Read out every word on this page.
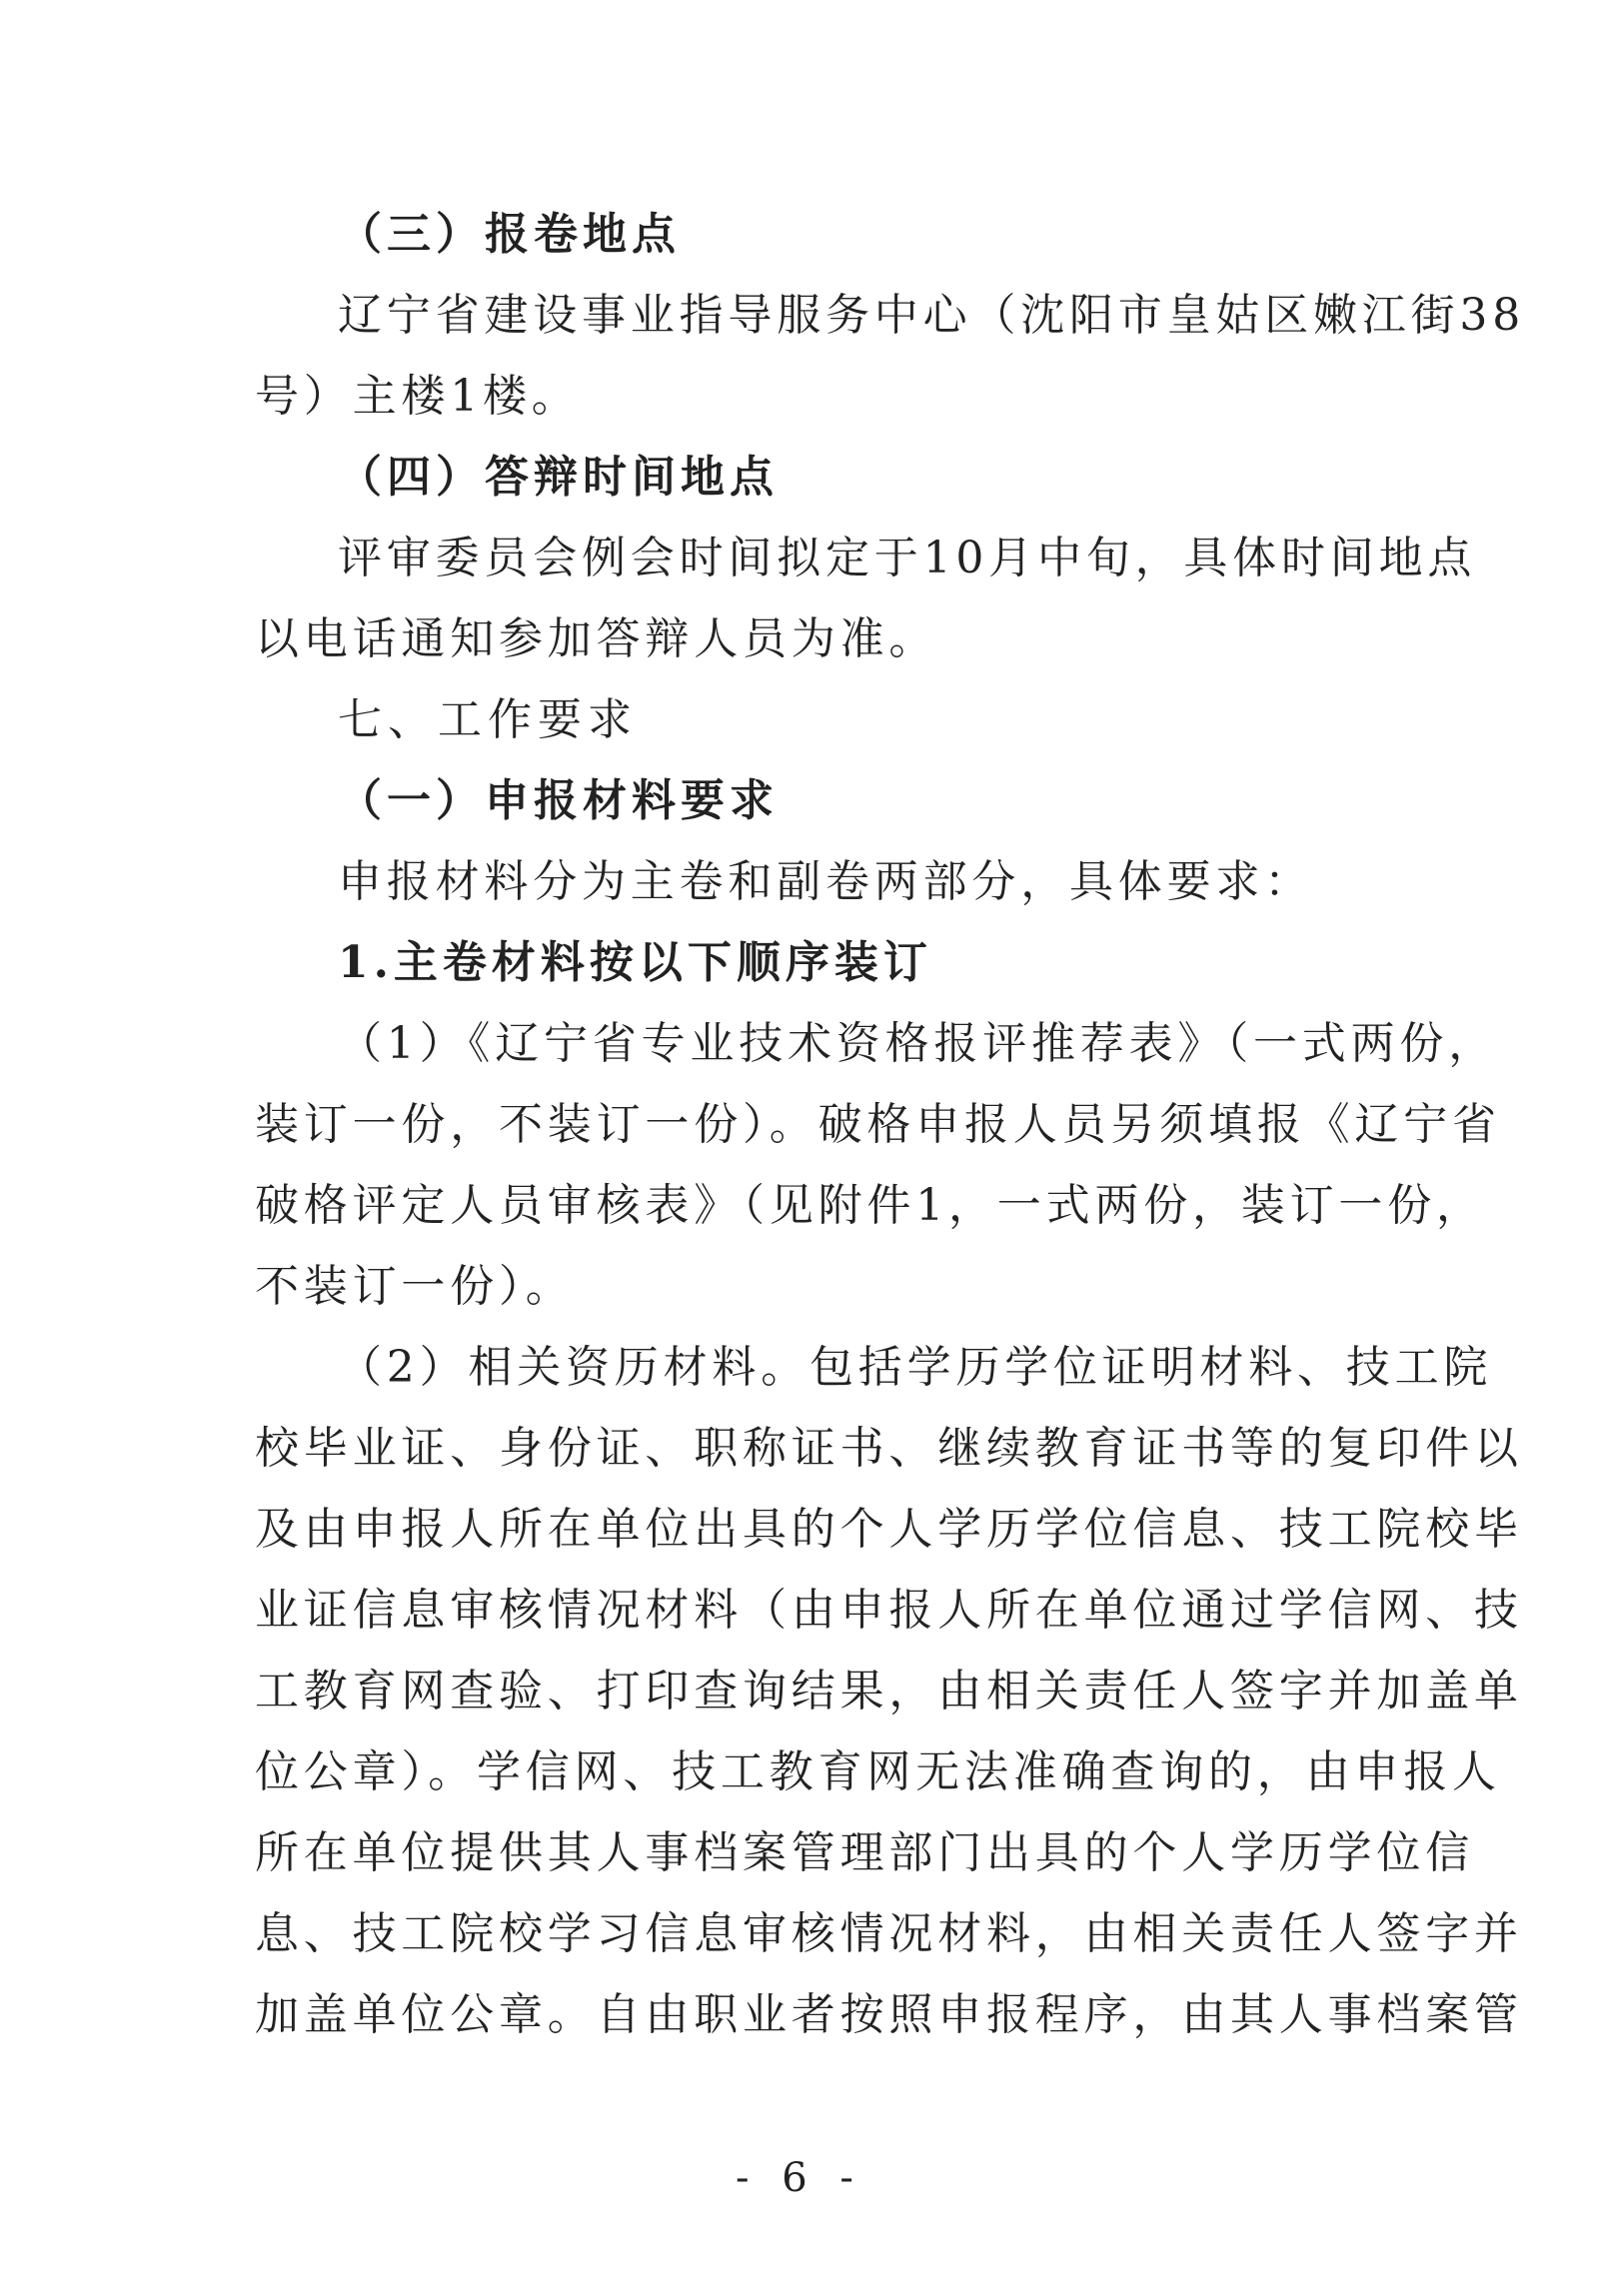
（三）报卷地点
辽宁省建设事业指导服务中心（沈阳市皇姑区嫩江街38
号）主楼1楼。
（四）答辩时间地点
评审委员会例会时间拟定于10月中旬，具体时间地点
以电话通知参加答辩人员为准。
七、工作要求
（一）申报材料要求
申报材料分为主卷和副卷两部分，具体要求：
1.主卷材料按以下顺序装订
（1）《辽宁省专业技术资格报评推荐表》（一式两份，
装订一份，不装订一份）。破格申报人员另须填报《辽宁省
破格评定人员审核表》（见附件1，一式两份，装订一份，
不装订一份）。
（2）相关资历材料。包括学历学位证明材料、技工院
校毕业证、身份证、职称证书、继续教育证书等的复印件以
及由申报人所在单位出具的个人学历学位信息、技工院校毕
业证信息审核情况材料（由申报人所在单位通过学信网、技
工教育网查验、打印查询结果，由相关责任人签字并加盖单
位公章）。学信网、技工教育网无法准确查询的，由申报人
所在单位提供其人事档案管理部门出具的个人学历学位信
息、技工院校学习信息审核情况材料，由相关责任人签字并
加盖单位公章。自由职业者按照申报程序，由其人事档案管
- 6 -
